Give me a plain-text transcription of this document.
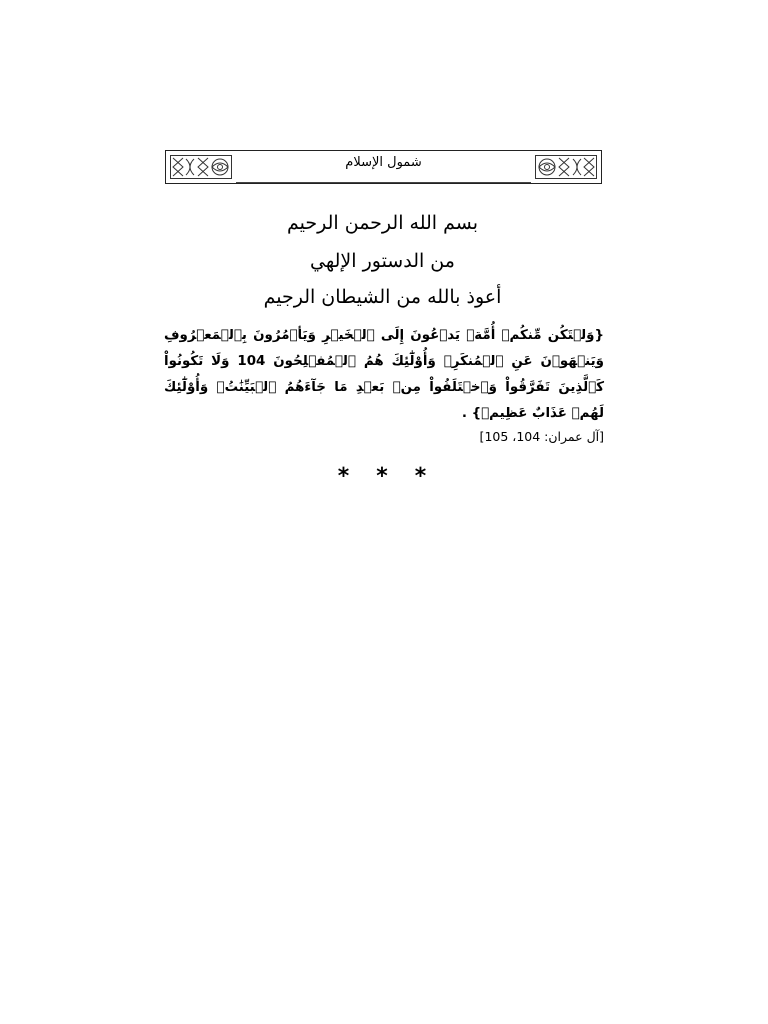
شمول الإسلام
بسم الله الرحمن الرحيم
من الدستور الإلهي
أعوذ بالله من الشيطان الرجيم
{وَلۡتَكُن مِّنكُمۡ أُمَّةٞ يَدۡعُونَ إِلَى ٱلۡخَيۡرِ وَيَأۡمُرُونَ بِٱلۡمَعۡرُوفِ وَيَنۡهَوۡنَ عَنِ ٱلۡمُنكَرِۚ وَأُوْلَٰٓئِكَ هُمُ ٱلۡمُفۡلِحُونَ 104 وَلَا تَكُونُواْ كَٱلَّذِينَ تَفَرَّقُواْ وَٱخۡتَلَفُواْ مِنۢ بَعۡدِ مَا جَآءَهُمُ ٱلۡبَيِّنَٰتُۚ وَأُوْلَٰٓئِكَ لَهُمۡ عَذَابٌ عَظِيمٞ} .
[آل عمران: 104، 105]
* * *
